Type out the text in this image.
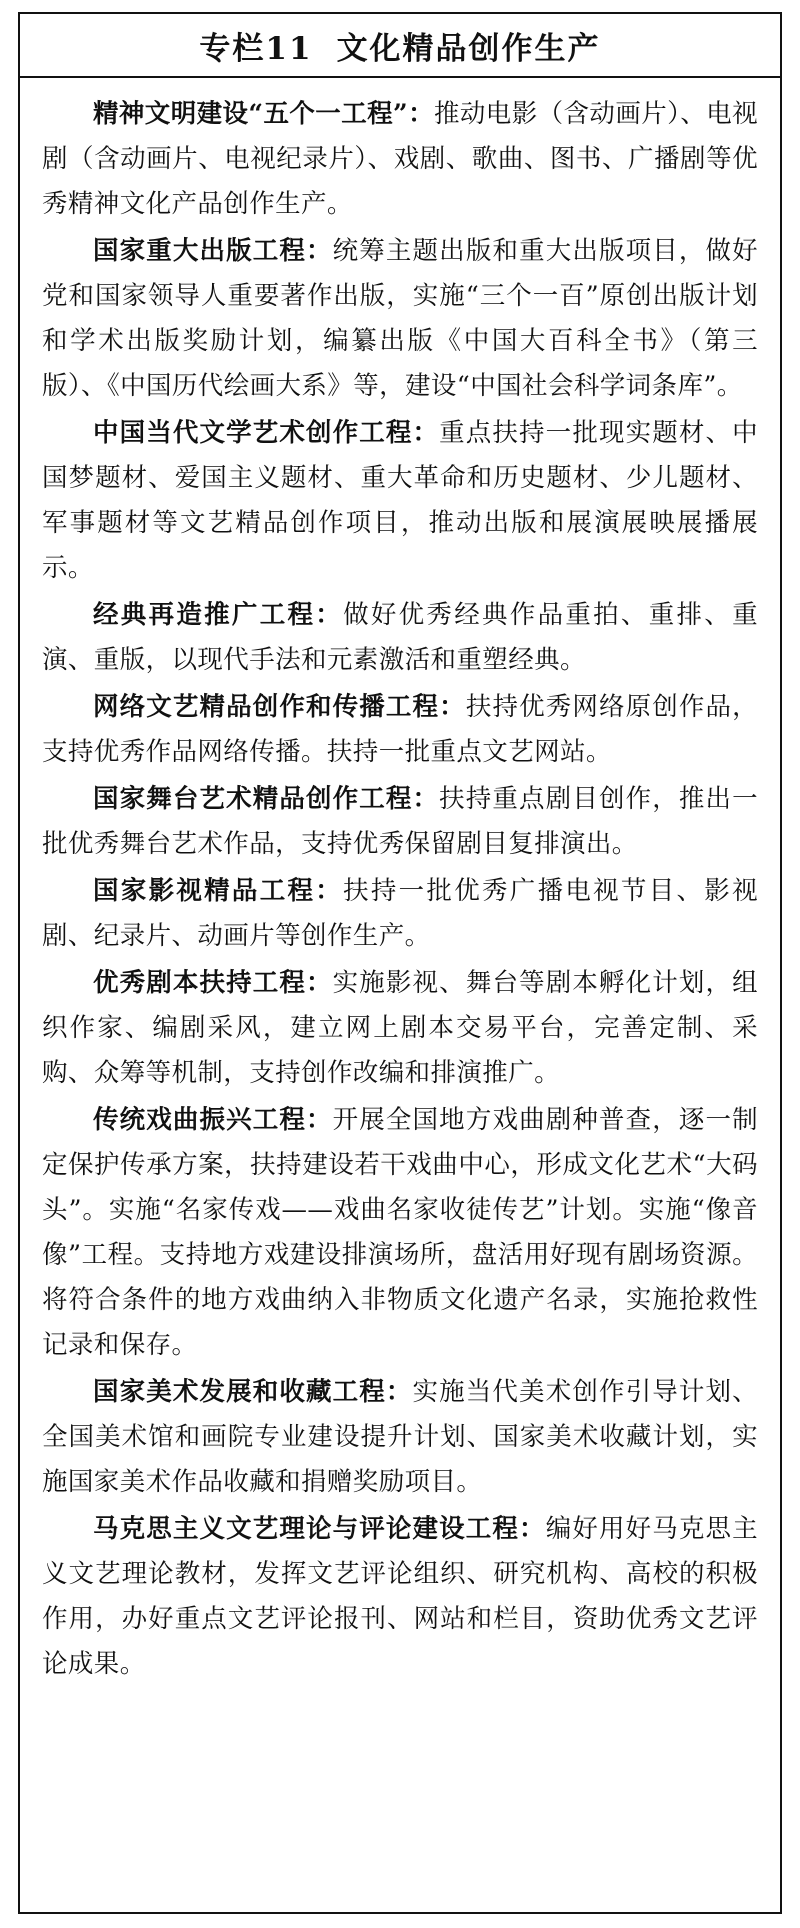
专栏11 文化精品创作生产

精神文明建设“五个一工程”：推动电影（含动画片）、电视剧（含动画片、电视纪录片）、戏剧、歌曲、图书、广播剧等优秀精神文化产品创作生产。

国家重大出版工程：统筹主题出版和重大出版项目，做好党和国家领导人重要著作出版，实施“三个一百”原创出版计划和学术出版奖励计划，编纂出版《中国大百科全书》（第三版）、《中国历代绘画大系》等，建设“中国社会科学词条库”。

中国当代文学艺术创作工程：重点扶持一批现实题材、中国梦题材、爱国主义题材、重大革命和历史题材、少儿题材、军事题材等文艺精品创作项目，推动出版和展演展映展播展示。

经典再造推广工程：做好优秀经典作品重拍、重排、重演、重版，以现代手法和元素激活和重塑经典。

网络文艺精品创作和传播工程：扶持优秀网络原创作品，支持优秀作品网络传播。扶持一批重点文艺网站。

国家舞台艺术精品创作工程：扶持重点剧目创作，推出一批优秀舞台艺术作品，支持优秀保留剧目复排演出。

国家影视精品工程：扶持一批优秀广播电视节目、影视剧、纪录片、动画片等创作生产。

优秀剧本扶持工程：实施影视、舞台等剧本孵化计划，组织作家、编剧采风，建立网上剧本交易平台，完善定制、采购、众筹等机制，支持创作改编和排演推广。

传统戏曲振兴工程：开展全国地方戏曲剧种普查，逐一制定保护传承方案，扶持建设若干戏曲中心，形成文化艺术“大码头”。实施“名家传戏——戏曲名家收徒传艺”计划。实施“像音像”工程。支持地方戏建设排演场所，盘活用好现有剧场资源。将符合条件的地方戏曲纳入非物质文化遗产名录，实施抢救性记录和保存。

国家美术发展和收藏工程：实施当代美术创作引导计划、全国美术馆和画院专业建设提升计划、国家美术收藏计划，实施国家美术作品收藏和捐赠奖励项目。

马克思主义文艺理论与评论建设工程：编好用好马克思主义文艺理论教材，发挥文艺评论组织、研究机构、高校的积极作用，办好重点文艺评论报刊、网站和栏目，资助优秀文艺评论成果。
